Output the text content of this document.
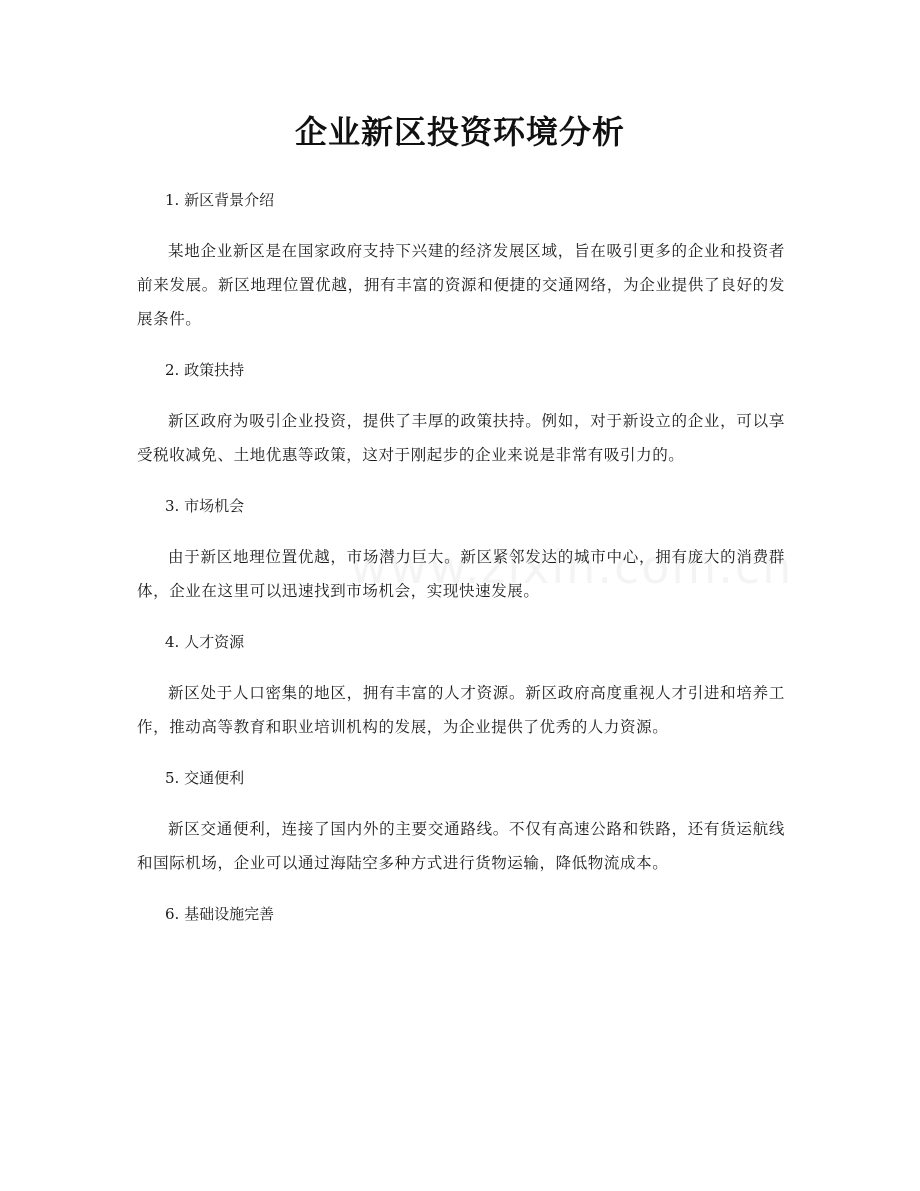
企业新区投资环境分析

1. 新区背景介绍

某地企业新区是在国家政府支持下兴建的经济发展区域，旨在吸引更多的企业和投资者前来发展。新区地理位置优越，拥有丰富的资源和便捷的交通网络，为企业提供了良好的发展条件。

2. 政策扶持

新区政府为吸引企业投资，提供了丰厚的政策扶持。例如，对于新设立的企业，可以享受税收减免、土地优惠等政策，这对于刚起步的企业来说是非常有吸引力的。

3. 市场机会

由于新区地理位置优越，市场潜力巨大。新区紧邻发达的城市中心，拥有庞大的消费群体，企业在这里可以迅速找到市场机会，实现快速发展。

4. 人才资源

新区处于人口密集的地区，拥有丰富的人才资源。新区政府高度重视人才引进和培养工作，推动高等教育和职业培训机构的发展，为企业提供了优秀的人力资源。

5. 交通便利

新区交通便利，连接了国内外的主要交通路线。不仅有高速公路和铁路，还有货运航线和国际机场，企业可以通过海陆空多种方式进行货物运输，降低物流成本。

6. 基础设施完善
